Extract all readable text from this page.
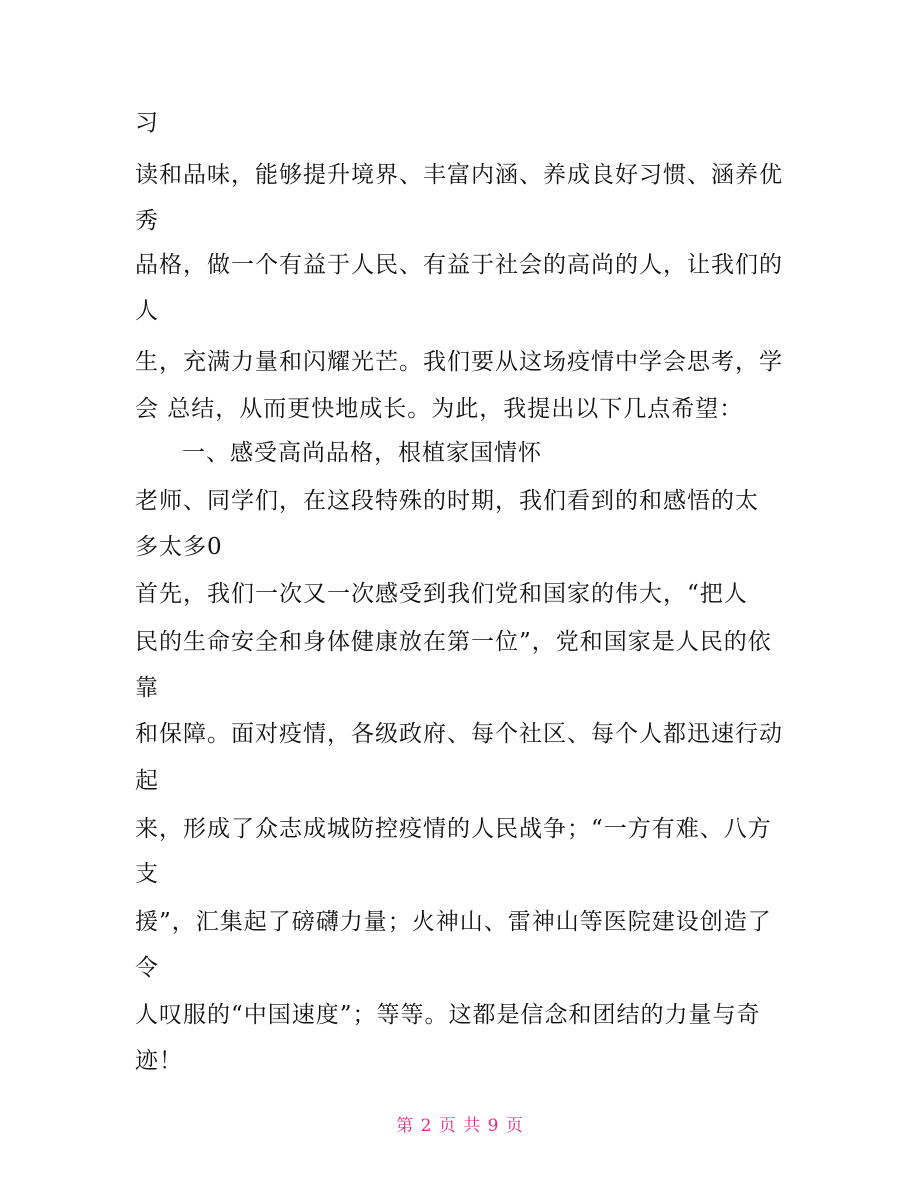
习
读和品味，能够提升境界、丰富内涵、养成良好习惯、涵养优
秀
品格，做一个有益于人民、有益于社会的高尚的人，让我们的
人
生，充满力量和闪耀光芒。我们要从这场疫情中学会思考，学
会 总结，从而更快地成长。为此，我提出以下几点希望：
一、感受高尚品格，根植家国情怀
老师、同学们，在这段特殊的时期，我们看到的和感悟的太
多太多0
首先，我们一次又一次感受到我们党和国家的伟大，“把人
民的生命安全和身体健康放在第一位”，党和国家是人民的依
靠
和保障。面对疫情，各级政府、每个社区、每个人都迅速行动
起
来，形成了众志成城防控疫情的人民战争；“一方有难、八方
支
援”，汇集起了磅礴力量；火神山、雷神山等医院建设创造了
令
人叹服的“中国速度”；等等。这都是信念和团结的力量与奇
迹！
第 2 页 共 9 页
